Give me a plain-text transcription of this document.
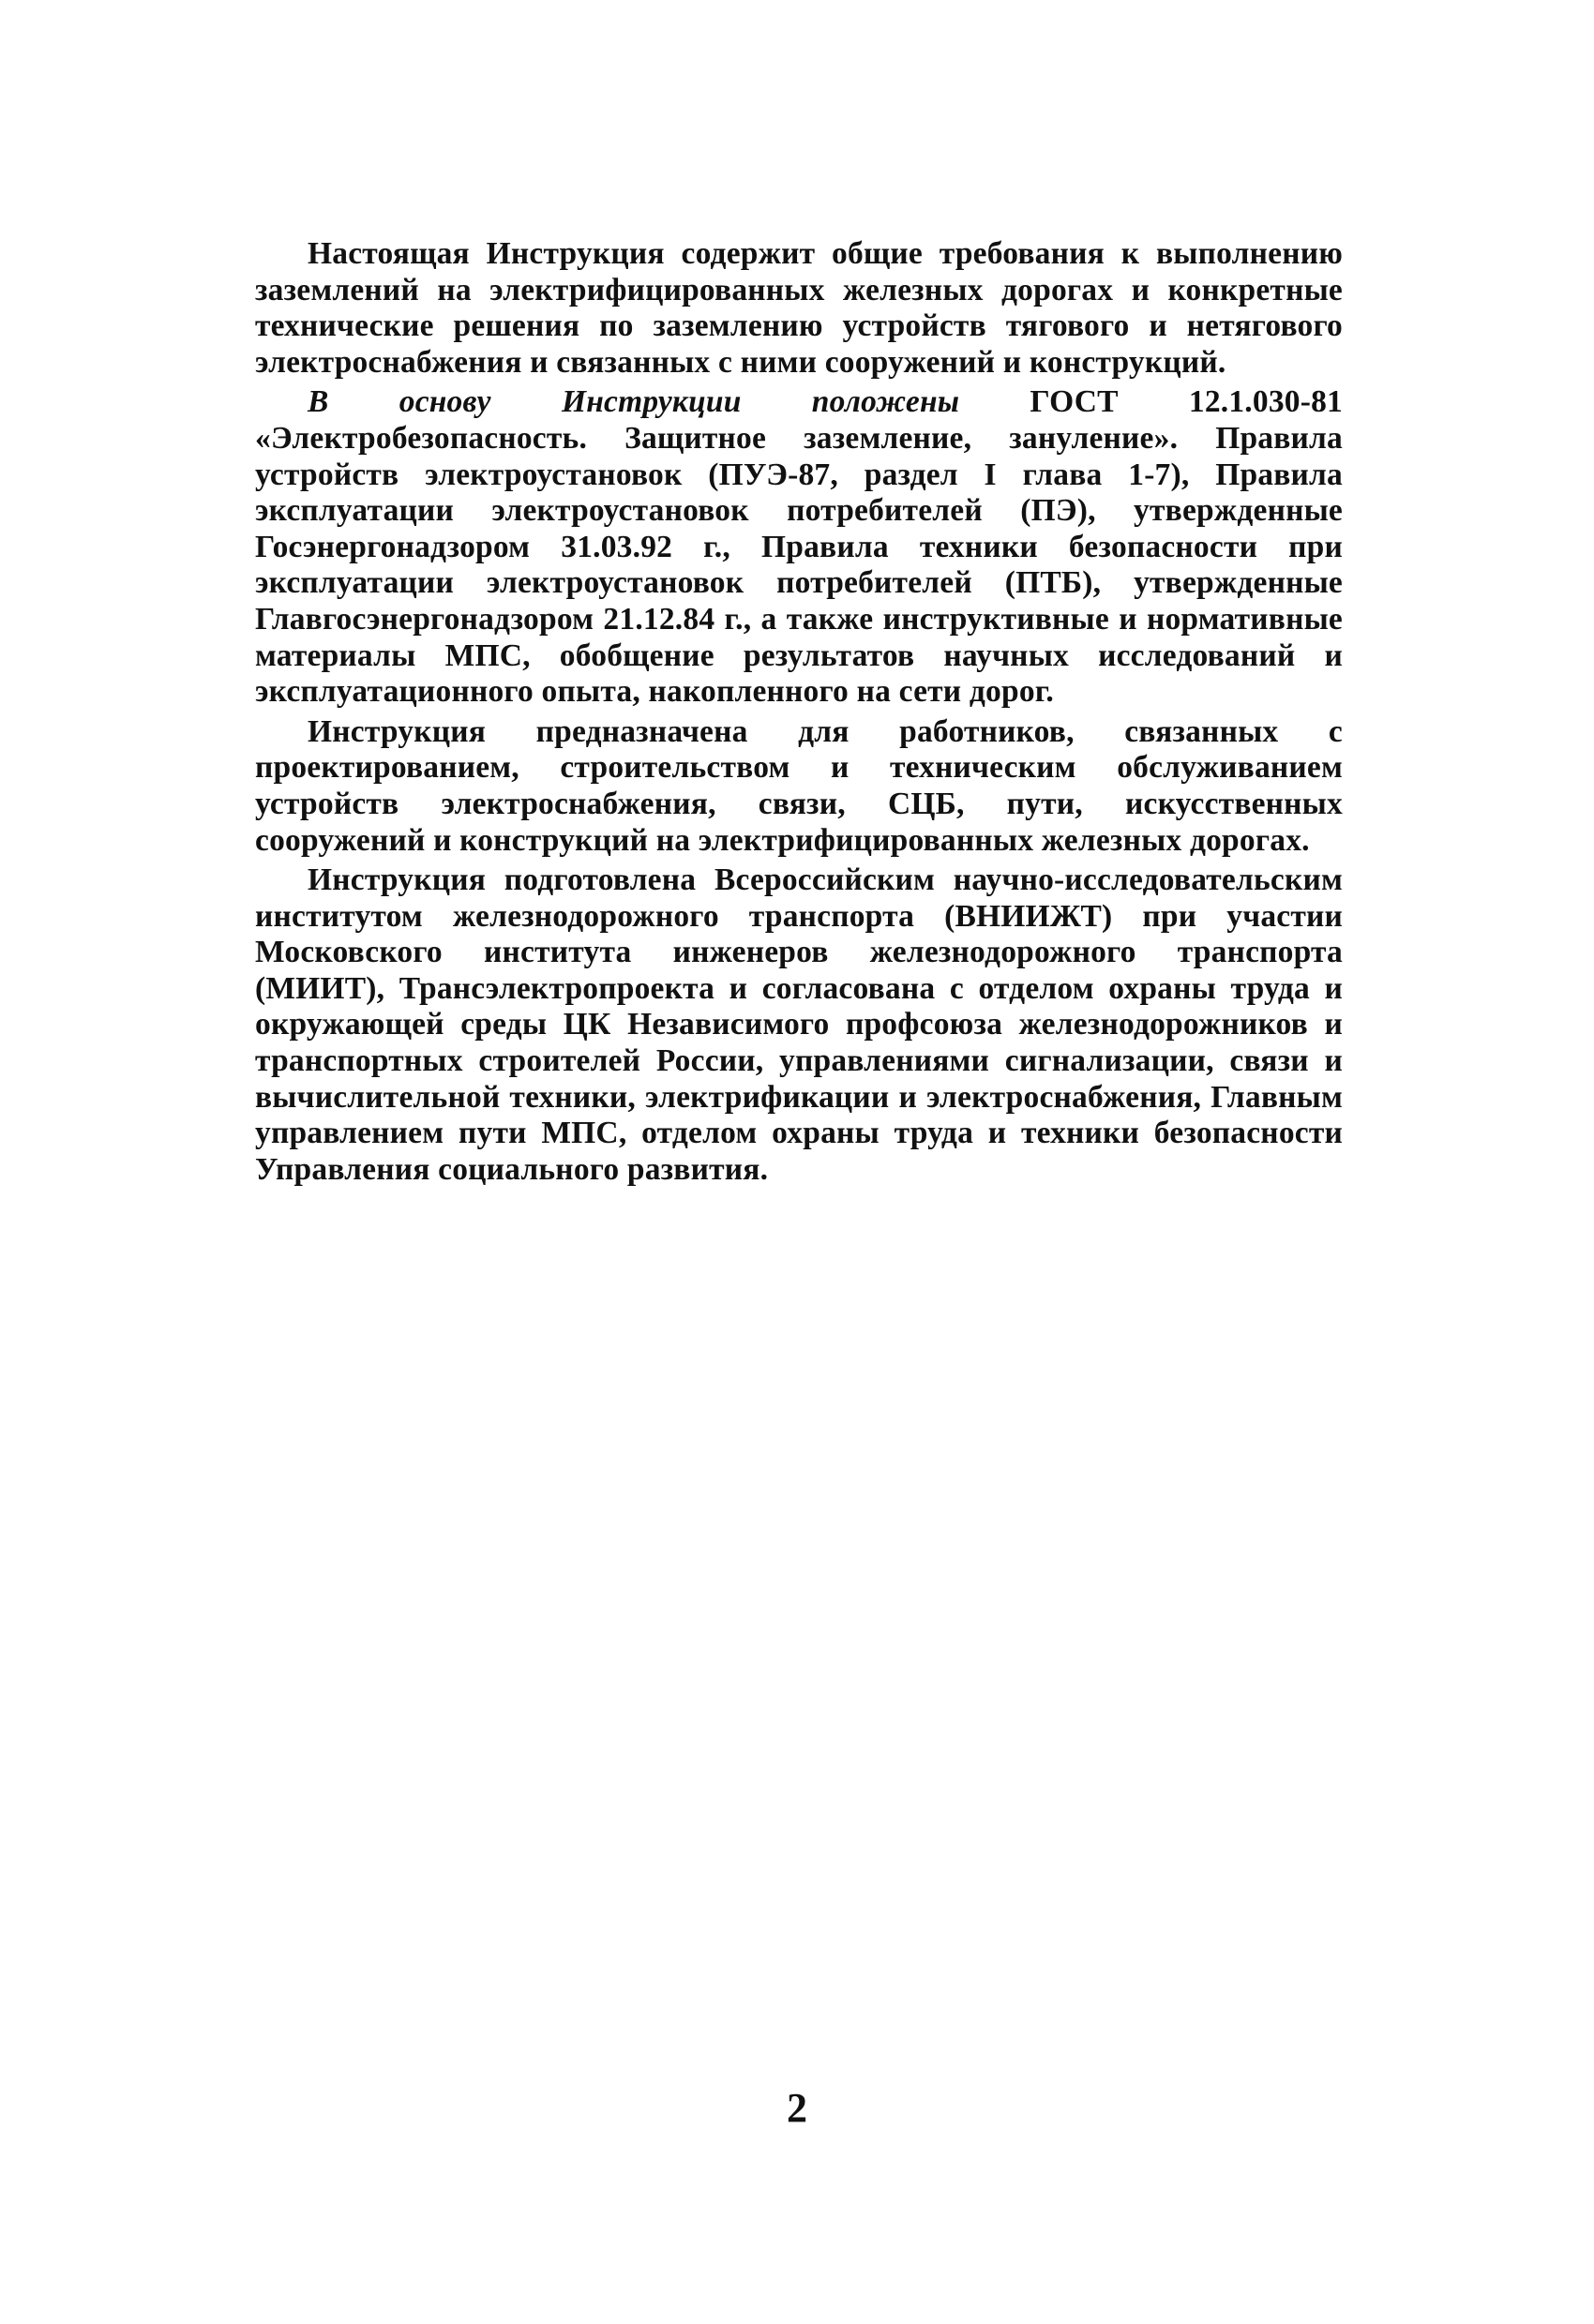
Настоящая Инструкция содержит общие требования к выполнению заземлений на электрифицированных железных дорогах и конкретные технические решения по заземлению устройств тягового и нетягового электроснабжения и связанных с ними сооружений и конструкций.

В основу Инструкции положены ГОСТ 12.1.030-81 «Электробезопасность. Защитное заземление, зануление». Правила устройств электроустановок (ПУЭ-87, раздел I глава 1-7), Правила эксплуатации электроустановок потребителей (ПЭ), утвержденные Госэнергонадзором 31.03.92 г., Правила техники безопасности при эксплуатации электроустановок потребителей (ПТБ), утвержденные Главгосэнергонадзором 21.12.84 г., а также инструктивные и нормативные материалы МПС, обобщение результатов научных исследований и эксплуатационного опыта, накопленного на сети дорог.

Инструкция предназначена для работников, связанных с проектированием, строительством и техническим обслуживанием устройств электроснабжения, связи, СЦБ, пути, искусственных сооружений и конструкций на электрифицированных железных дорогах.

Инструкция подготовлена Всероссийским научно-исследовательским институтом железнодорожного транспорта (ВНИИЖТ) при участии Московского института инженеров железнодорожного транспорта (МИИТ), Трансэлектропроекта и согласована с отделом охраны труда и окружающей среды ЦК Независимого профсоюза железнодорожников и транспортных строителей России, управлениями сигнализации, связи и вычислительной техники, электрификации и электроснабжения, Главным управлением пути МПС, отделом охраны труда и техники безопасности Управления социального развития.

2
